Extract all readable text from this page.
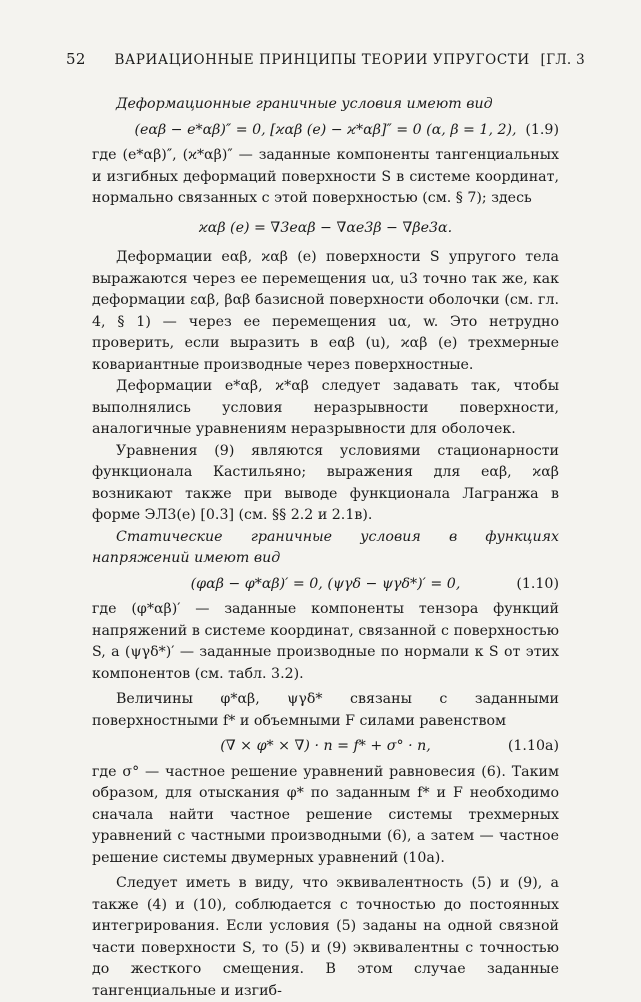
52 ВАРИАЦИОННЫЕ ПРИНЦИПЫ ТЕОРИИ УПРУГОСТИ [ГЛ. 3

Деформационные граничные условия имеют вид

(eαβ − e*αβ)″ = 0, [ϰαβ (e) − ϰ*αβ]″ = 0 (α, β = 1, 2), (1.9)

где (e*αβ)″, (ϰ*αβ)″ — заданные компоненты тангенциальных и изгибных деформаций поверхности S в системе координат, нормально связанных с этой поверхностью (см. § 7); здесь

ϰαβ (e) = ∇3eαβ − ∇αe3β − ∇βe3α.

Деформации eαβ, ϰαβ (e) поверхности S упругого тела выражаются через ее перемещения uα, u3 точно так же, как деформации εαβ, βαβ базисной поверхности оболочки (см. гл. 4, § 1) — через ее перемещения uα, w. Это нетрудно проверить, если выразить в eαβ (u), ϰαβ (e) трехмерные ковариантные производные через поверхностные.

Деформации e*αβ, ϰ*αβ следует задавать так, чтобы выполнялись условия неразрывности поверхности, аналогичные уравнениям неразрывности для оболочек.

Уравнения (9) являются условиями стационарности функционала Кастильяно; выражения для eαβ, ϰαβ возникают также при выводе функционала Лагранжа в форме ЭЛ3(e) [0.3] (см. §§ 2.2 и 2.1в).

Статические граничные условия в функциях напряжений имеют вид

(φαβ − φ*αβ)′ = 0, (ψγδ − ψγδ*)′ = 0,	(1.10)

где (φ*αβ)′ — заданные компоненты тензора функций напряжений в системе координат, связанной с поверхностью S, а (ψγδ*)′ — заданные производные по нормали к S от этих компонентов (см. табл. 3.2).

Величины φ*αβ, ψγδ* связаны с заданными поверхностными f* и объемными F силами равенством

(∇ × φ* × ∇) · n = f* + σ° · n,	(1.10a)

где σ° — частное решение уравнений равновесия (6). Таким образом, для отыскания φ* по заданным f* и F необходимо сначала найти частное решение системы трехмерных уравнений с частными производными (6), а затем — частное решение системы двумерных уравнений (10a).

Следует иметь в виду, что эквивалентность (5) и (9), а также (4) и (10), соблюдается с точностью до постоянных интегрирования. Если условия (5) заданы на одной связной части поверхности S, то (5) и (9) эквивалентны с точностью до жесткого смещения. В этом случае заданные тангенциальные и изгиб-
